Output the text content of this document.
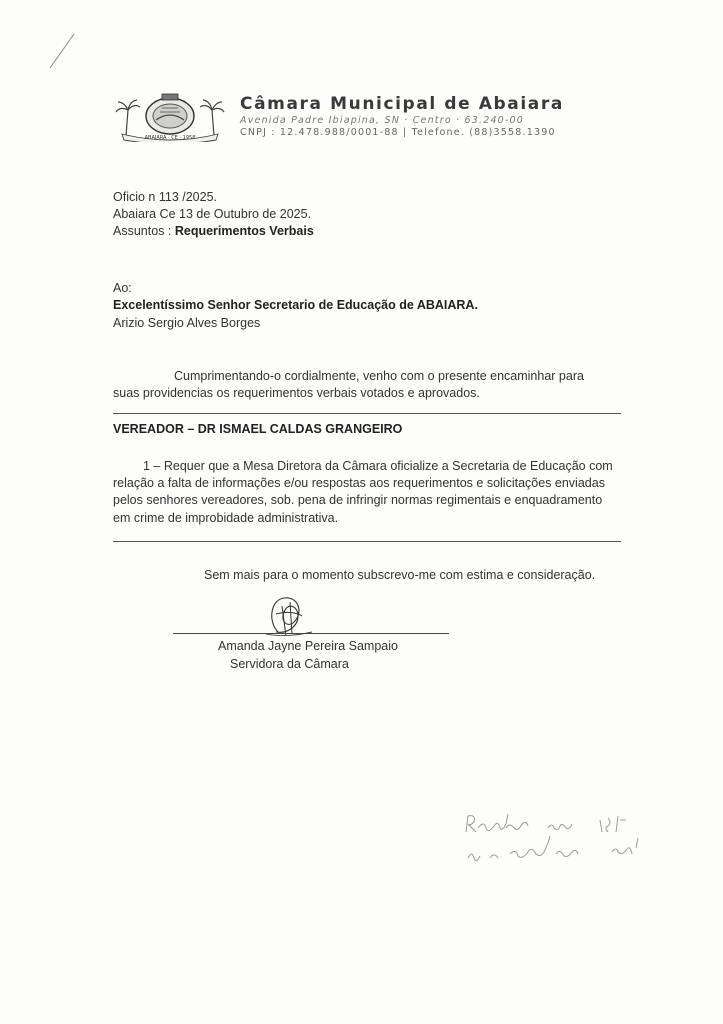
ABAIARA · CE · 1958
Câmara Municipal de Abaiara
Avenida Padre Ibiapina, SN · Centro · 63.240-00
CNPJ : 12.478.988/0001-88 | Telefone. (88)3558.1390
Oficio n 113 /2025.
Abaiara Ce 13 de Outubro de 2025.
Assuntos : Requerimentos Verbais
Ao:
Excelentíssimo Senhor Secretario de Educação de ABAIARA.
Arizio Sergio Alves Borges
Cumprimentando-o cordialmente, venho com o presente encaminhar para
suas providencias os requerimentos verbais votados e aprovados.
VEREADOR – DR ISMAEL CALDAS GRANGEIRO
1 – Requer que a Mesa Diretora da Câmara oficialize a Secretaria de Educação com
relação a falta de informações e/ou respostas aos requerimentos e solicitações enviadas
pelos senhores vereadores, sob. pena de infringir normas regimentais e enquadramento
em crime de improbidade administrativa.
Sem mais para o momento subscrevo-me com estima e consideração.
Amanda Jayne Pereira Sampaio
Servidora da Câmara
